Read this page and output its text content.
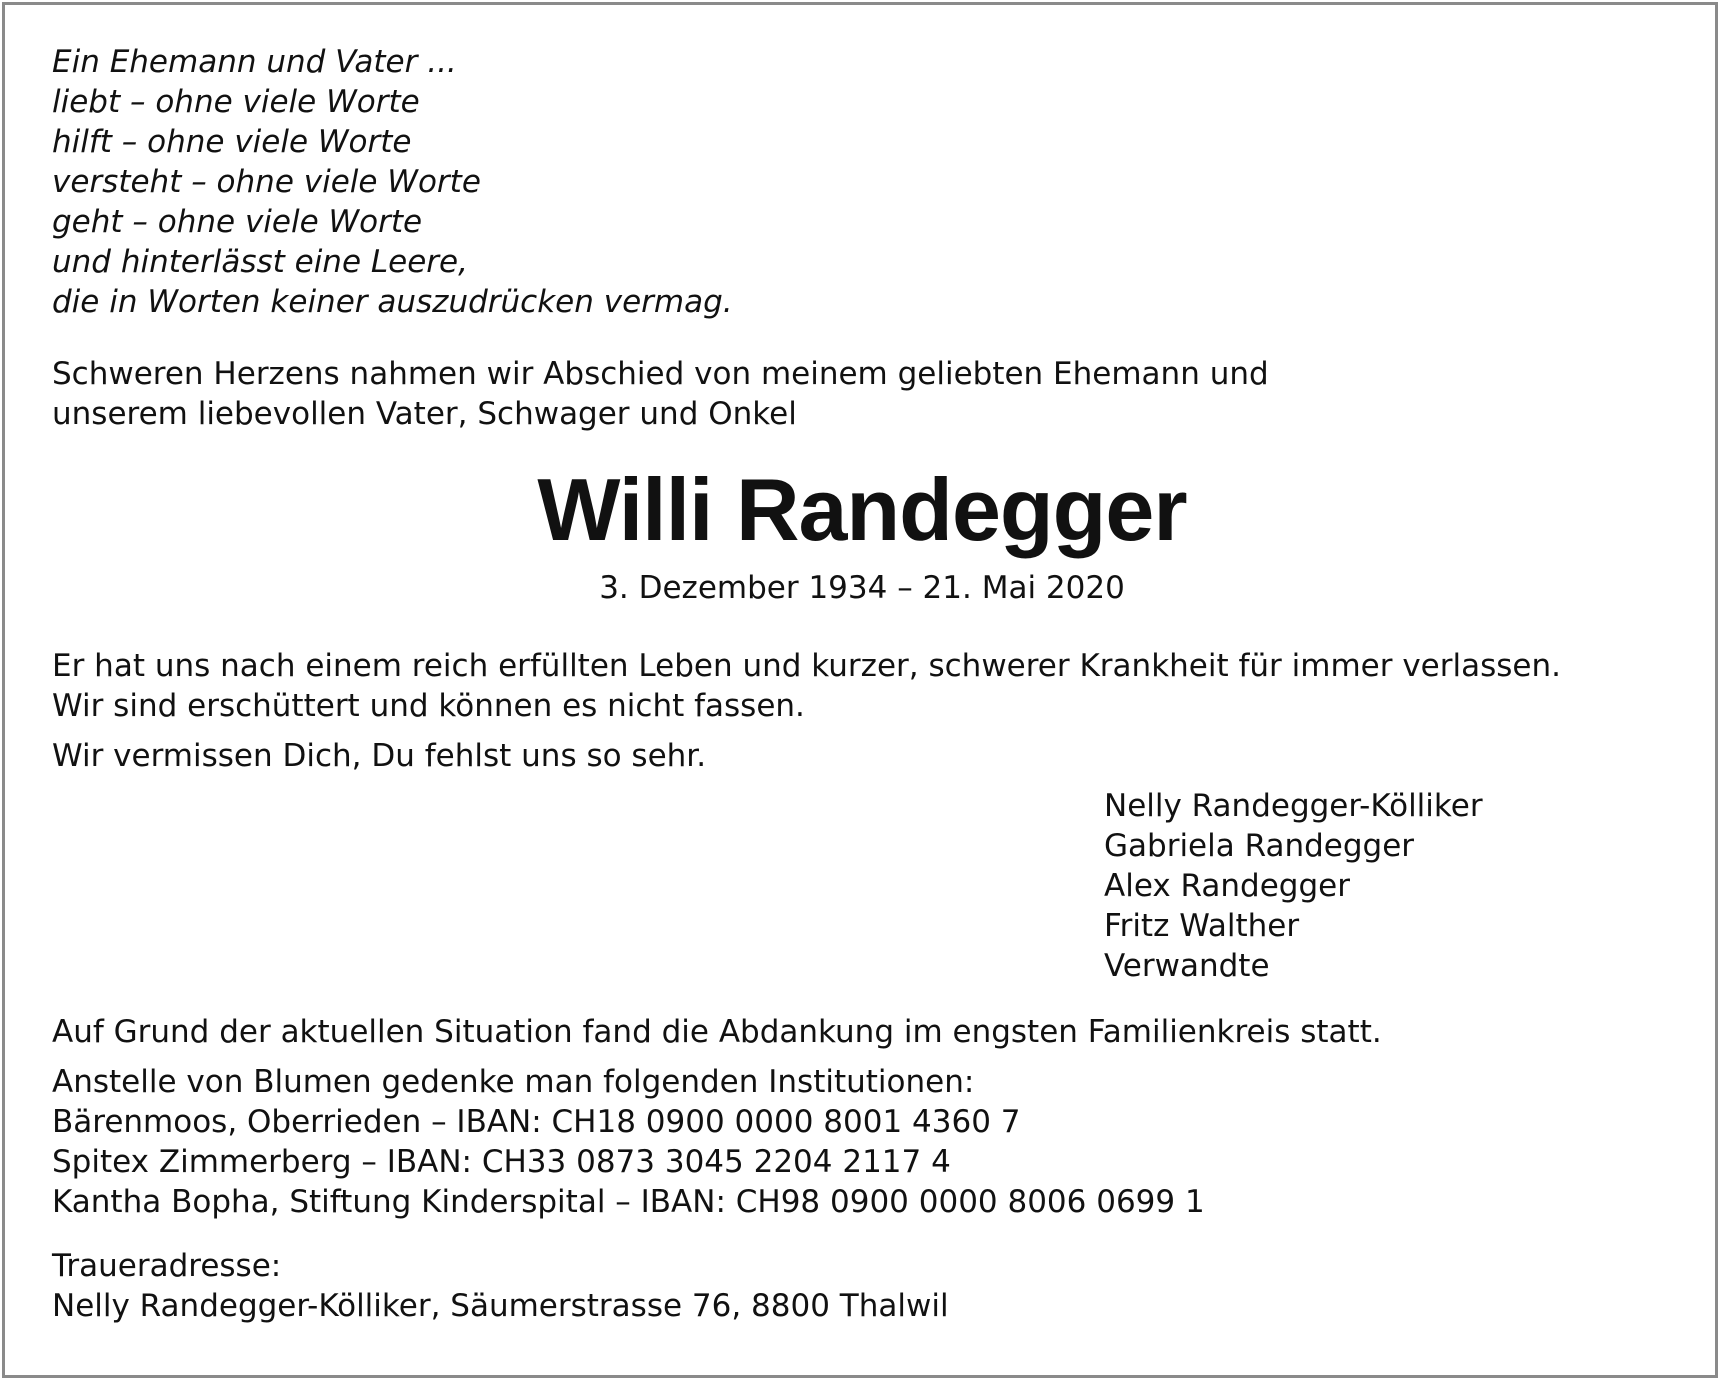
Ein Ehemann und Vater ...
liebt – ohne viele Worte
hilft – ohne viele Worte
versteht – ohne viele Worte
geht – ohne viele Worte
und hinterlässt eine Leere,
die in Worten keiner auszudrücken vermag.

Schweren Herzens nahmen wir Abschied von meinem geliebten Ehemann und
unserem liebevollen Vater, Schwager und Onkel

Willi Randegger

3. Dezember 1934 – 21. Mai 2020

Er hat uns nach einem reich erfüllten Leben und kurzer, schwerer Krankheit für immer verlassen.
Wir sind erschüttert und können es nicht fassen.

Wir vermissen Dich, Du fehlst uns so sehr.

Nelly Randegger-Kölliker
Gabriela Randegger
Alex Randegger
Fritz Walther
Verwandte

Auf Grund der aktuellen Situation fand die Abdankung im engsten Familienkreis statt.

Anstelle von Blumen gedenke man folgenden Institutionen:
Bärenmoos, Oberrieden – IBAN: CH18 0900 0000 8001 4360 7
Spitex Zimmerberg – IBAN: CH33 0873 3045 2204 2117 4
Kantha Bopha, Stiftung Kinderspital – IBAN: CH98 0900 0000 8006 0699 1

Traueradresse:
Nelly Randegger-Kölliker, Säumerstrasse 76, 8800 Thalwil
